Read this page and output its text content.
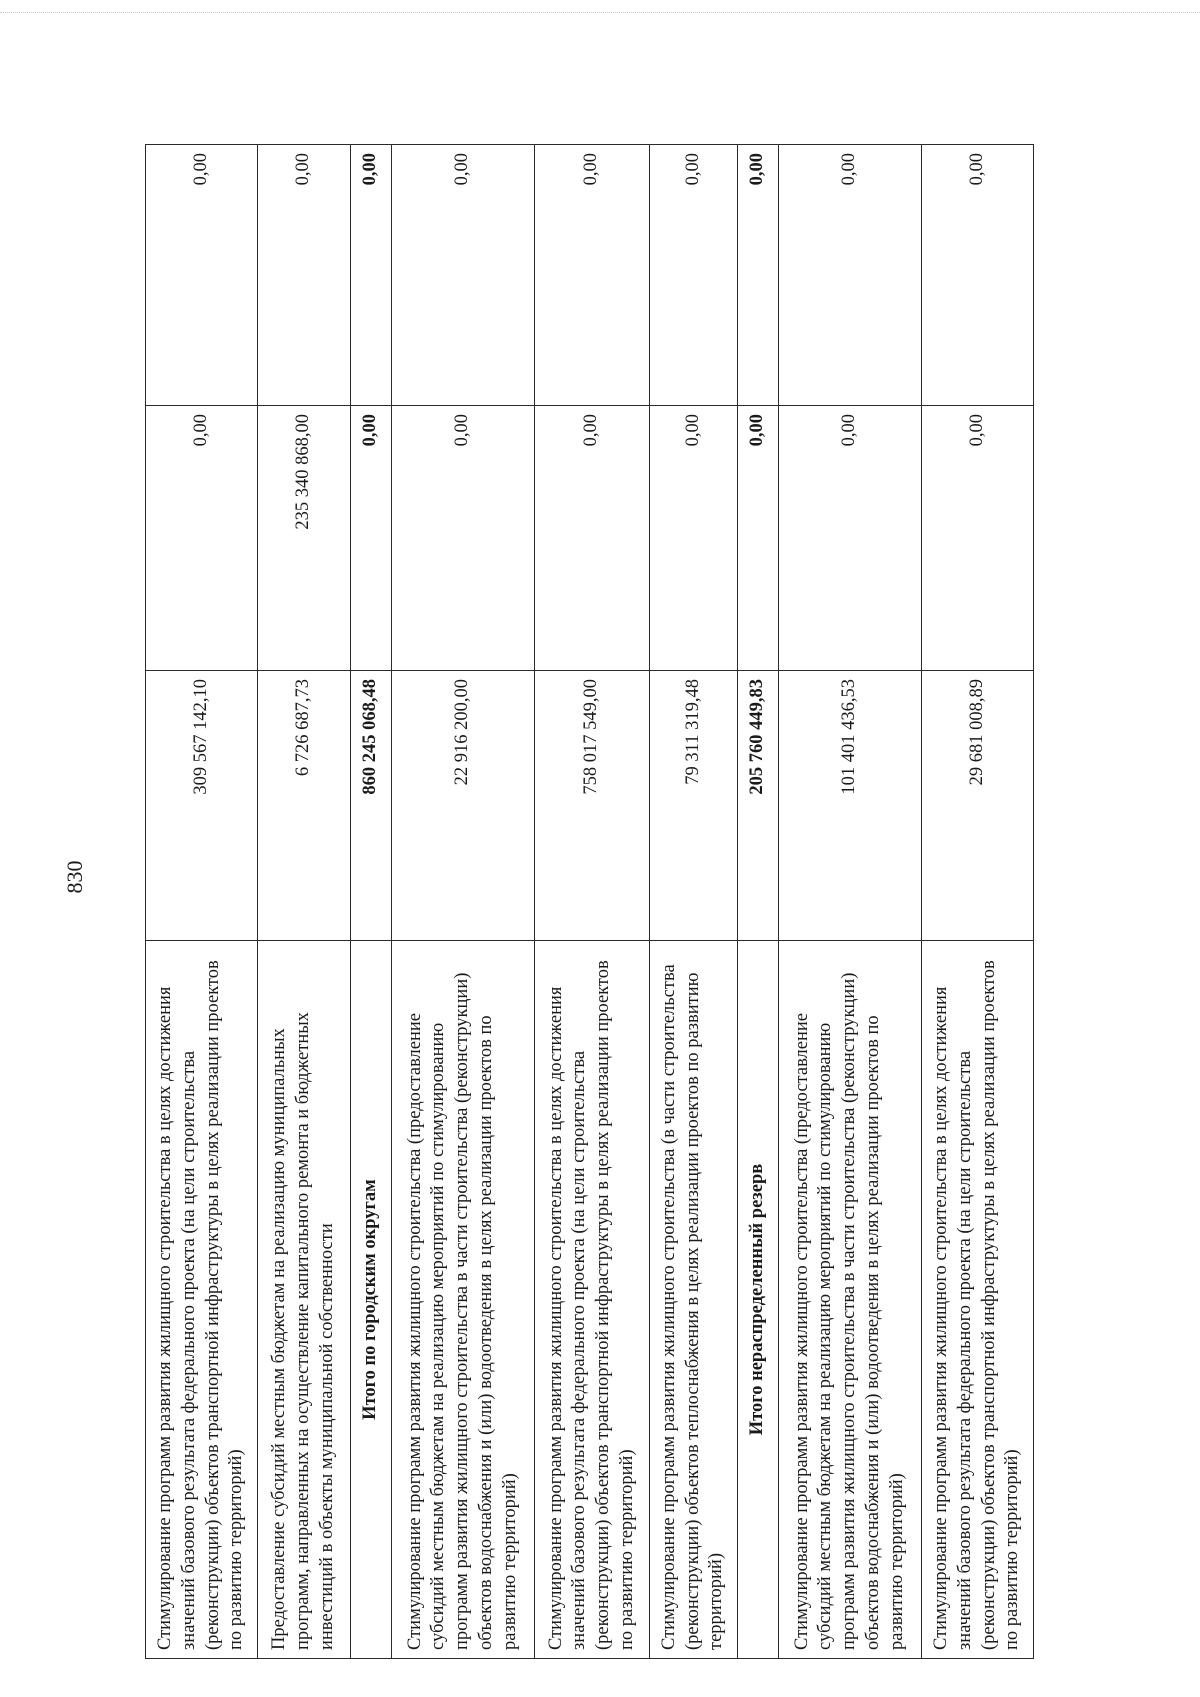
830
Стимулирование программ развития жилищного строительства в целях достижения значений базового результата федерального проекта (на цели строительства (реконструкции) объектов транспортной инфраструктуры в целях реализации проектов по развитию территорий)	309 567 142,10	0,00	0,00
Предоставление субсидий местным бюджетам на реализацию муниципальных программ, направленных на осуществление капитального ремонта и бюджетных инвестиций в объекты муниципальной собственности	6 726 687,73	235 340 868,00	0,00
Итого по городским округам	860 245 068,48	0,00	0,00
Стимулирование программ развития жилищного строительства (предоставление субсидий местным бюджетам на реализацию мероприятий по стимулированию программ развития жилищного строительства в части строительства (реконструкции) объектов водоснабжения и (или) водоотведения в целях реализации проектов по развитию территорий)	22 916 200,00	0,00	0,00
Стимулирование программ развития жилищного строительства в целях достижения значений базового результата федерального проекта (на цели строительства (реконструкции) объектов транспортной инфраструктуры в целях реализации проектов по развитию территорий)	758 017 549,00	0,00	0,00
Стимулирование программ развития жилищного строительства (в части строительства (реконструкции) объектов теплоснабжения в целях реализации проектов по развитию территорий)	79 311 319,48	0,00	0,00
Итого нераспределенный резерв	205 760 449,83	0,00	0,00
Стимулирование программ развития жилищного строительства (предоставление субсидий местным бюджетам на реализацию мероприятий по стимулированию программ развития жилищного строительства в части строительства (реконструкции) объектов водоснабжения и (или) водоотведения в целях реализации проектов по развитию территорий)	101 401 436,53	0,00	0,00
Стимулирование программ развития жилищного строительства в целях достижения значений базового результата федерального проекта (на цели строительства (реконструкции) объектов транспортной инфраструктуры в целях реализации проектов по развитию территорий)	29 681 008,89	0,00	0,00
